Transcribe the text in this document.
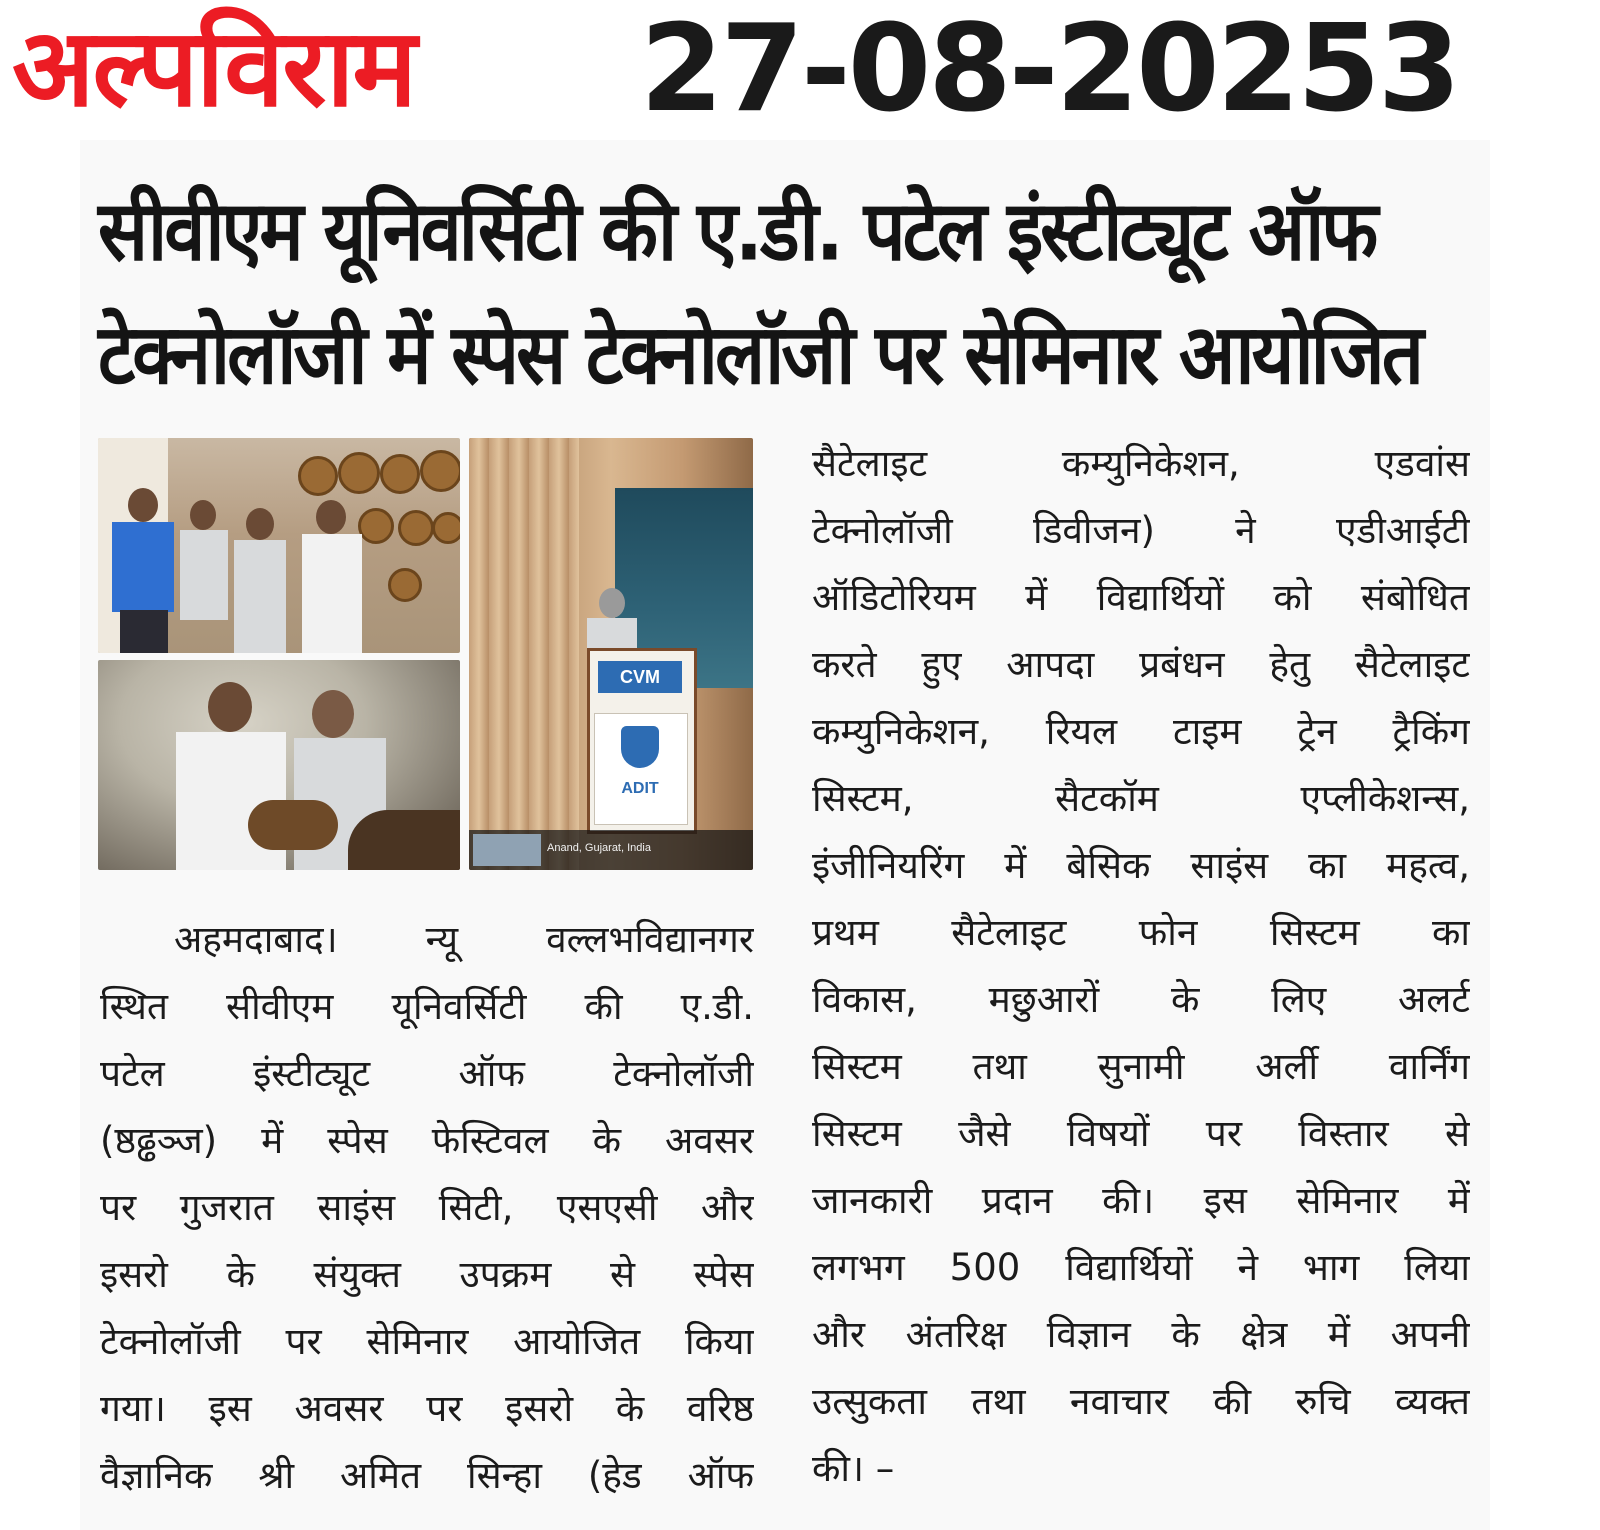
अल्पविराम 27-08-20253
सीवीएम यूनिवर्सिटी की ए.डी. पटेल इंस्टीट्यूट ऑफ
टेक्नोलॉजी में स्पेस टेक्नोलॉजी पर सेमिनार आयोजित
CVM
ADIT
Anand, Gujarat, India
अहमदाबाद। न्यू वल्लभविद्यानगर
स्थित सीवीएम यूनिवर्सिटी की ए.डी.
पटेल इंस्टीट्यूट ऑफ टेक्नोलॉजी
(ष्ठढ्ढञ्ज) में स्पेस फेस्टिवल के अवसर
पर गुजरात साइंस सिटी, एसएसी और
इसरो के संयुक्त उपक्रम से स्पेस
टेक्नोलॉजी पर सेमिनार आयोजित किया
गया। इस अवसर पर इसरो के वरिष्ठ
वैज्ञानिक श्री अमित सिन्हा (हेड ऑफ
सैटेलाइट कम्युनिकेशन, एडवांस
टेक्नोलॉजी डिवीजन) ने एडीआईटी
ऑडिटोरियम में विद्यार्थियों को संबोधित
करते हुए आपदा प्रबंधन हेतु सैटेलाइट
कम्युनिकेशन, रियल टाइम ट्रेन ट्रैकिंग
सिस्टम, सैटकॉम एप्लीकेशन्स,
इंजीनियरिंग में बेसिक साइंस का महत्व,
प्रथम सैटेलाइट फोन सिस्टम का
विकास, मछुआरों के लिए अलर्ट
सिस्टम तथा सुनामी अर्ली वार्निंग
सिस्टम जैसे विषयों पर विस्तार से
जानकारी प्रदान की। इस सेमिनार में
लगभग 500 विद्यार्थियों ने भाग लिया
और अंतरिक्ष विज्ञान के क्षेत्र में अपनी
उत्सुकता तथा नवाचार की रुचि व्यक्त
की। –
